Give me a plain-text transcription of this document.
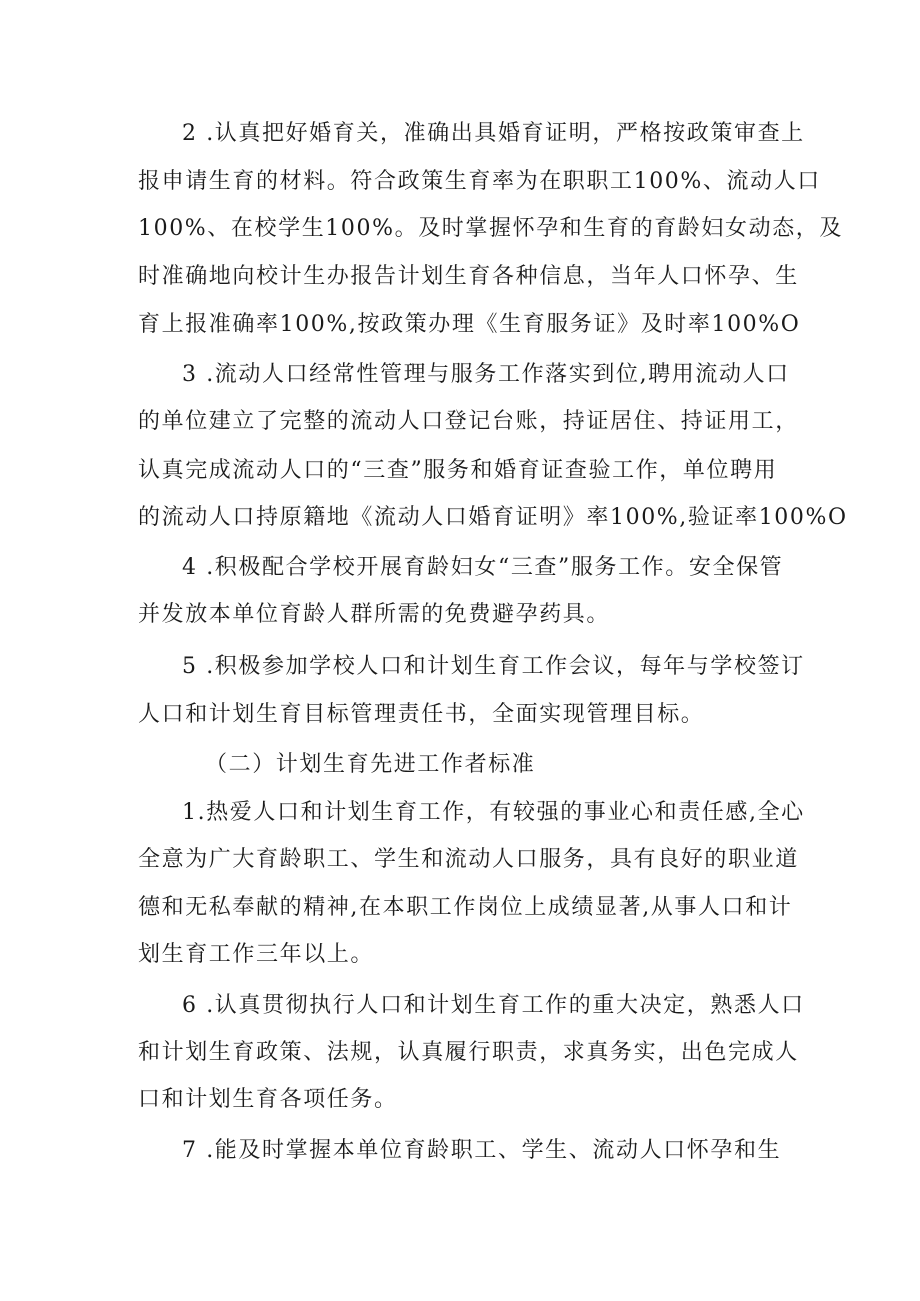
2 .认真把好婚育关，准确出具婚育证明，严格按政策审查上
报申请生育的材料。符合政策生育率为在职职工100%、流动人口
100%、在校学生100%。及时掌握怀孕和生育的育龄妇女动态，及
时准确地向校计生办报告计划生育各种信息，当年人口怀孕、生
育上报准确率100%,按政策办理《生育服务证》及时率100%O
3 .流动人口经常性管理与服务工作落实到位,聘用流动人口
的单位建立了完整的流动人口登记台账，持证居住、持证用工，
认真完成流动人口的“三查”服务和婚育证查验工作，单位聘用
的流动人口持原籍地《流动人口婚育证明》率100%,验证率100%O
4 .积极配合学校开展育龄妇女“三查”服务工作。安全保管
并发放本单位育龄人群所需的免费避孕药具。
5 .积极参加学校人口和计划生育工作会议，每年与学校签订
人口和计划生育目标管理责任书，全面实现管理目标。
（二）计划生育先进工作者标准
1.热爱人口和计划生育工作，有较强的事业心和责任感,全心
全意为广大育龄职工、学生和流动人口服务，具有良好的职业道
德和无私奉献的精神,在本职工作岗位上成绩显著,从事人口和计
划生育工作三年以上。
6 .认真贯彻执行人口和计划生育工作的重大决定，熟悉人口
和计划生育政策、法规，认真履行职责，求真务实，出色完成人
口和计划生育各项任务。
7 .能及时掌握本单位育龄职工、学生、流动人口怀孕和生
